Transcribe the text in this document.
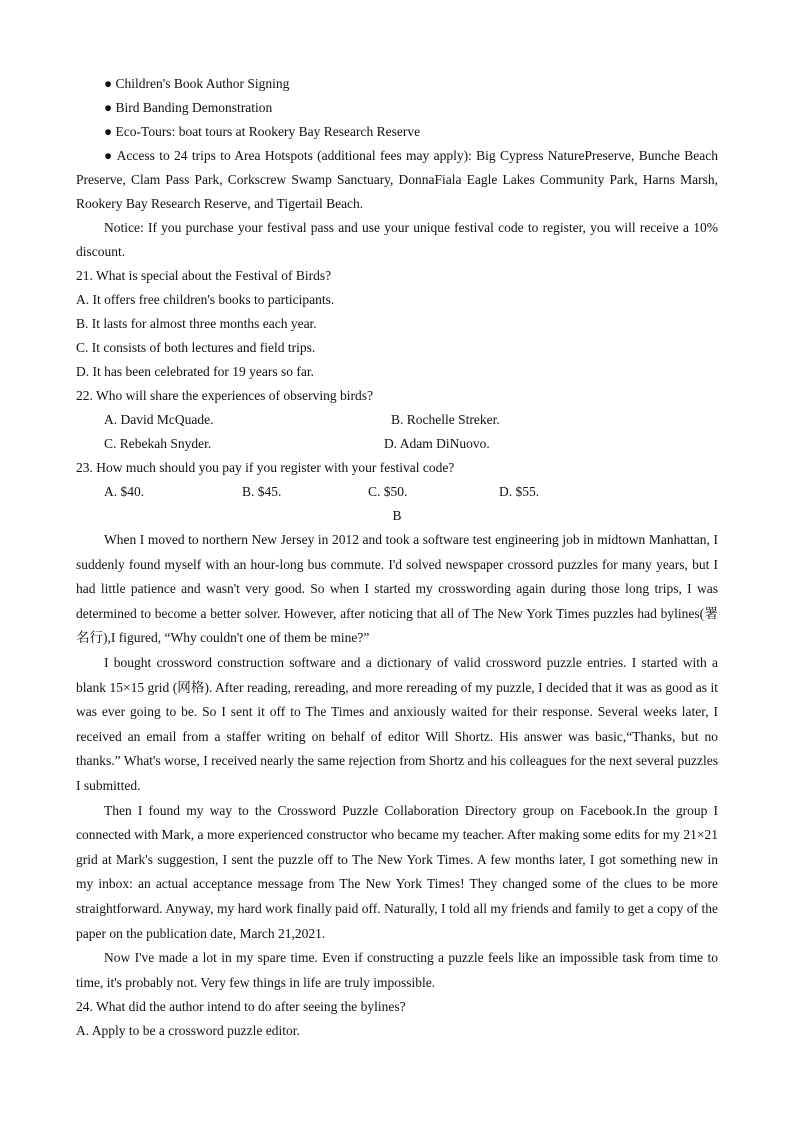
● Children's Book Author Signing

● Bird Banding Demonstration

● Eco-Tours: boat tours at Rookery Bay Research Reserve

● Access to 24 trips to Area Hotspots (additional fees may apply): Big Cypress NaturePreserve, Bunche Beach Preserve, Clam Pass Park, Corkscrew Swamp Sanctuary, DonnaFiala Eagle Lakes Community Park, Harns Marsh, Rookery Bay Research Reserve, and Tigertail Beach.

Notice: If you purchase your festival pass and use your unique festival code to register, you will receive a 10% discount.

21. What is special about the Festival of Birds?

A. It offers free children's books to participants.

B. It lasts for almost three months each year.

C. It consists of both lectures and field trips.

D. It has been celebrated for 19 years so far.

22. Who will share the experiences of observing birds?

A. David McQuade.	B. Rochelle Streker.
C. Rebekah Snyder.	D. Adam DiNuovo.

23. How much should you pay if you register with your festival code?

A. $40.	B. $45.	C. $50.	D. $55.

B

When I moved to northern New Jersey in 2012 and took a software test engineering job in midtown Manhattan, I suddenly found myself with an hour-long bus commute. I'd solved newspaper crossord puzzles for many years, but I had little patience and wasn't very good. So when I started my crosswording again during those long trips, I was determined to become a better solver. However, after noticing that all of The New York Times puzzles had bylines(署名行),I figured, “Why couldn't one of them be mine?”

I bought crossword construction software and a dictionary of valid crossword puzzle entries. I started with a blank 15×15 grid (网格). After reading, rereading, and more rereading of my puzzle, I decided that it was as good as it was ever going to be. So I sent it off to The Times and anxiously waited for their response. Several weeks later, I received an email from a staffer writing on behalf of editor Will Shortz. His answer was basic,“Thanks, but no thanks.” What's worse, I received nearly the same rejection from Shortz and his colleagues for the next several puzzles I submitted.

Then I found my way to the Crossword Puzzle Collaboration Directory group on Facebook.In the group I connected with Mark, a more experienced constructor who became my teacher. After making some edits for my 21×21 grid at Mark's suggestion, I sent the puzzle off to The New York Times. A few months later, I got something new in my inbox: an actual acceptance message from The New York Times! They changed some of the clues to be more straightforward. Anyway, my hard work finally paid off. Naturally, I told all my friends and family to get a copy of the paper on the publication date, March 21,2021.

Now I've made a lot in my spare time. Even if constructing a puzzle feels like an impossible task from time to time, it's probably not. Very few things in life are truly impossible.

24. What did the author intend to do after seeing the bylines?

A. Apply to be a crossword puzzle editor.
